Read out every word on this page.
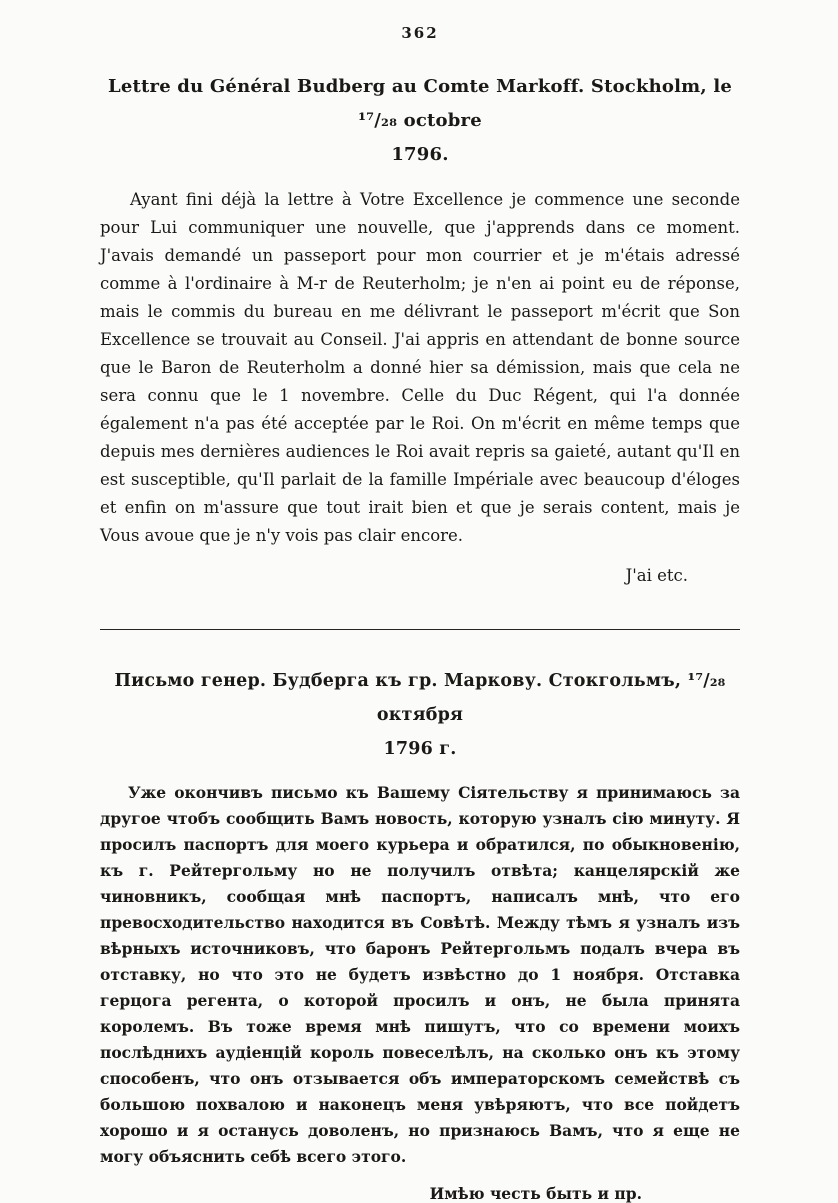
362
Lettre du Général Budberg au Comte Markoff. Stockholm, le ¹⁷/₂₈ octobre
1796.

Ayant fini déjà la lettre à Votre Excellence je commence une seconde pour Lui communiquer une nouvelle, que j'apprends dans ce moment. J'avais demandé un passeport pour mon courrier et je m'étais adressé comme à l'ordinaire à M-r de Reuterholm; je n'en ai point eu de réponse, mais le commis du bureau en me délivrant le passeport m'écrit que Son Excellence se trouvait au Conseil. J'ai appris en attendant de bonne source que le Baron de Reuterholm a donné hier sa démission, mais que cela ne sera connu que le 1 novembre. Celle du Duc Régent, qui l'a donnée également n'a pas été acceptée par le Roi. On m'écrit en même temps que depuis mes dernières audiences le Roi avait repris sa gaieté, autant qu'Il en est susceptible, qu'Il parlait de la famille Impériale avec beaucoup d'éloges et enfin on m'assure que tout irait bien et que je serais content, mais je Vous avoue que je n'y vois pas clair encore.

J'ai etc.

Письмо генер. Будберга къ гр. Маркову. Стокгольмъ, ¹⁷/₂₈ октября
1796 г.

Уже окончивъ письмо къ Вашему Сіятельству я принимаюсь за другое чтобъ сообщить Вамъ новость, которую узналъ сію минуту. Я просилъ паспортъ для моего курьера и обратился, по обыкновенію, къ г. Рейтергольму но не получилъ отвѣта; канцелярскій же чиновникъ, сообщая мнѣ паспортъ, написалъ мнѣ, что его превосходительство находится въ Совѣтѣ. Между тѣмъ я узналъ изъ вѣрныхъ источниковъ, что баронъ Рейтергольмъ подалъ вчера въ отставку, но что это не будетъ извѣстно до 1 ноября. Отставка герцога регента, о которой просилъ и онъ, не была принята королемъ. Въ тоже время мнѣ пишутъ, что со времени моихъ послѣднихъ аудіенцій король повеселѣлъ, на сколько онъ къ этому способенъ, что онъ отзывается объ императорскомъ семействѣ съ большою похвалою и наконецъ меня увѣряютъ, что все пойдетъ хорошо и я останусь доволенъ, но признаюсь Вамъ, что я еще не могу объяснить себѣ всего этого.

Имѣю честь быть и пр.
